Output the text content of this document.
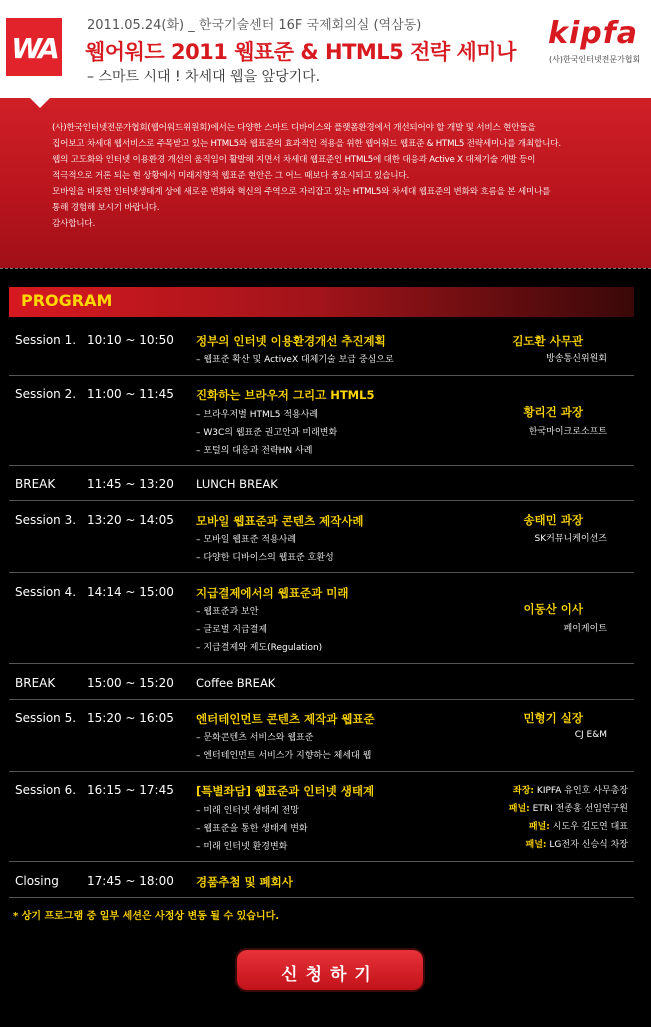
WA
2011.05.24(화) _ 한국기술센터 16F 국제회의실 (역삼동)
웹어워드 2011 웹표준 & HTML5 전략 세미나
– 스마트 시대 ! 차세대 웹을 앞당기다.
kipfa
(사)한국인터넷전문가협회
(사)한국인터넷전문가협회(웹어워드위원회)에서는 다양한 스마트 디바이스와 플랫폼환경에서 개선되어야 할 개발 및 서비스 현안들을
집어보고 차세대 웹서비스로 주목받고 있는 HTML5와 웹표준의 효과적인 적용을 위한 웹어워드 웹표준 & HTML5 전략세미나를 개최합니다.
웹의 고도화와 인터넷 이용환경 개선의 움직임이 활발해 지면서 차세대 웹표준인 HTML5에 대한 대응과 Active X 대체기술 개발 등이
적극적으로 거론 되는 현 상황에서 미래지향적 웹표준 현안은 그 어느 때보다 중요시되고 있습니다.
모바일을 비롯한 인터넷생태계 상에 새로운 변화와 혁신의 주역으로 자리잡고 있는 HTML5와 차세대 웹표준의 변화와 흐름을 본 세미나를
통해 경험해 보시기 바랍니다.
감사합니다.
PROGRAM
Session 1. 10:10 ~ 10:50 정부의 인터넷 이용환경개선 추진계획
– 웹표준 확산 및 ActiveX 대체기술 보급 중심으로
김도환 사무관
방송통신위원회
Session 2. 11:00 ~ 11:45 진화하는 브라우저 그리고 HTML5
– 브라우저별 HTML5 적용사례
– W3C의 웹표준 권고안과 미래변화
– 포털의 대응과 전략HN 사례
황리건 과장
한국마이크로소프트
BREAK	11:45 ~ 13:20 LUNCH BREAK
Session 3. 13:20 ~ 14:05 모바일 웹표준과 콘텐츠 제작사례
– 모바일 웹표준 적용사례
– 다양한 디바이스의 웹표준 호환성
송태민 과장
SK커뮤니케이션즈
Session 4. 14:14 ~ 15:00 지급결제에서의 웹표준과 미래
– 웹표준과 보안
– 글로벌 지급결제
– 지급결제와 제도(Regulation)
이동산 이사
페이게이트
BREAK	15:00 ~ 15:20 Coffee BREAK
Session 5. 15:20 ~ 16:05 엔터테인먼트 콘텐츠 제작과 웹표준
– 문화콘텐츠 서비스와 웹표준
– 엔터테인먼트 서비스가 지향하는 체세대 웹
민형기 실장
CJ E&M
Session 6. 16:15 ~ 17:45 [특별좌담] 웹표준과 인터넷 생태계
– 미래 인터넷 생태계 전망
– 웹표준을 통한 생태계 변화
– 미래 인터넷 환경변화
좌장: KIPFA 유인호 사무총장
패널: ETRI 전종홍 선임연구원
패널: 시도우 김도연 대표
패널: LG전자 신승식 차장
Closing 17:45 ~ 18:00 경품추첨 및 폐회사
* 상기 프로그램 중 일부 세션은 사정상 변동 될 수 있습니다.
신청하기
